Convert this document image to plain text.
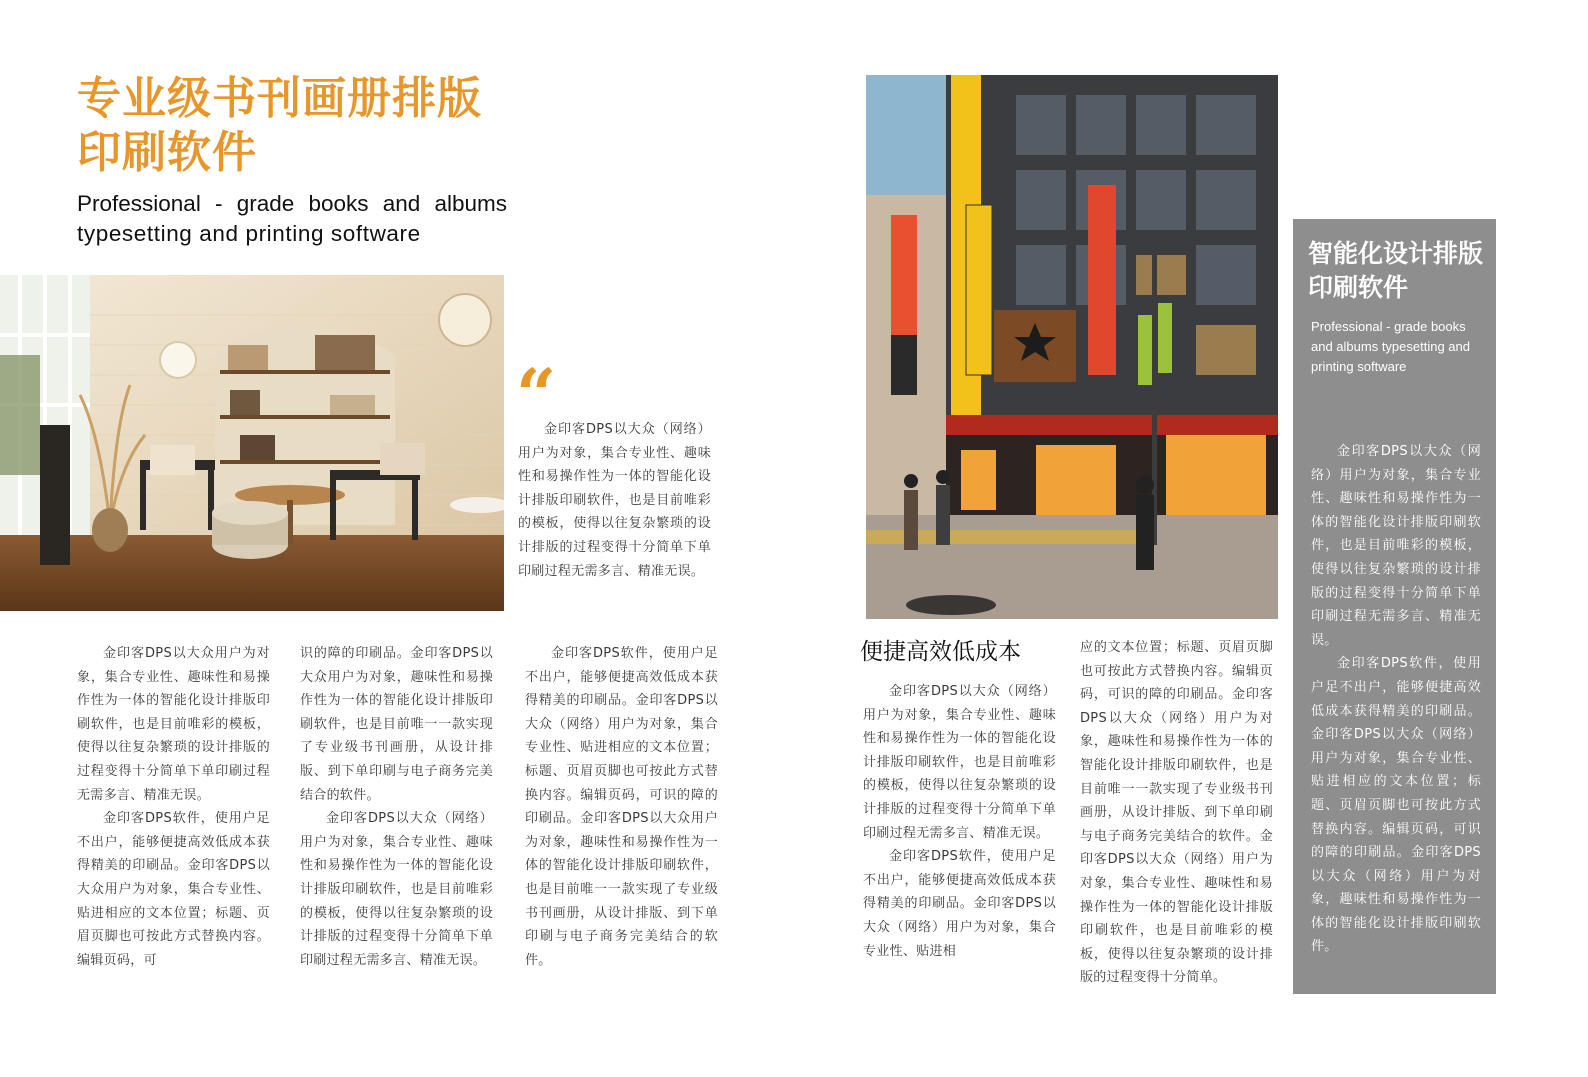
专业级书刊画册排版印刷软件
Professional - grade books and albums
typesetting and printing software
“

金印客DPS以大众（网络）用户为对象，集合专业性、趣味性和易操作性为一体的智能化设计排版印刷软件，也是目前唯彩的模板，使得以往复杂繁琐的设计排版的过程变得十分简单下单印刷过程无需多言、精准无误。

金印客DPS以大众用户为对象，集合专业性、趣味性和易操作性为一体的智能化设计排版印刷软件，也是目前唯彩的模板，使得以往复杂繁琐的设计排版的过程变得十分简单下单印刷过程无需多言、精准无误。

金印客DPS软件，使用户足不出户，能够便捷高效低成本获得精美的印刷品。金印客DPS以大众用户为对象，集合专业性、贴进相应的文本位置；标题、页眉页脚也可按此方式替换内容。编辑页码，可

识的障的印刷品。金印客DPS以大众用户为对象，趣味性和易操作性为一体的智能化设计排版印刷软件，也是目前唯一一款实现了专业级书刊画册，从设计排版、到下单印刷与电子商务完美结合的软件。

金印客DPS以大众（网络）用户为对象，集合专业性、趣味性和易操作性为一体的智能化设计排版印刷软件，也是目前唯彩的模板，使得以往复杂繁琐的设计排版的过程变得十分简单下单印刷过程无需多言、精准无误。

金印客DPS软件，使用户足不出户，能够便捷高效低成本获得精美的印刷品。金印客DPS以大众（网络）用户为对象，集合专业性、贴进相应的文本位置；标题、页眉页脚也可按此方式替换内容。编辑页码，可识的障的印刷品。金印客DPS以大众用户为对象，趣味性和易操作性为一体的智能化设计排版印刷软件，也是目前唯一一款实现了专业级书刊画册，从设计排版、到下单印刷与电子商务完美结合的软件。

便捷高效低成本

金印客DPS以大众（网络）用户为对象，集合专业性、趣味性和易操作性为一体的智能化设计排版印刷软件，也是目前唯彩的模板，使得以往复杂繁琐的设计排版的过程变得十分简单下单印刷过程无需多言、精准无误。

金印客DPS软件，使用户足不出户，能够便捷高效低成本获得精美的印刷品。金印客DPS以大众（网络）用户为对象，集合专业性、贴进相

应的文本位置；标题、页眉页脚也可按此方式替换内容。编辑页码，可识的障的印刷品。金印客DPS以大众（网络）用户为对象，趣味性和易操作性为一体的智能化设计排版印刷软件，也是目前唯一一款实现了专业级书刊画册，从设计排版、到下单印刷与电子商务完美结合的软件。金印客DPS以大众（网络）用户为对象，集合专业性、趣味性和易操作性为一体的智能化设计排版印刷软件，也是目前唯彩的模板，使得以往复杂繁琐的设计排版的过程变得十分简单。

智能化设计排版印刷软件
Professional - grade books and albums typesetting and printing software

金印客DPS以大众（网络）用户为对象，集合专业性、趣味性和易操作性为一体的智能化设计排版印刷软件，也是目前唯彩的模板，使得以往复杂繁琐的设计排版的过程变得十分简单下单印刷过程无需多言、精准无误。

金印客DPS软件，使用户足不出户，能够便捷高效低成本获得精美的印刷品。金印客DPS以大众（网络）用户为对象，集合专业性、贴进相应的文本位置；标题、页眉页脚也可按此方式替换内容。编辑页码，可识的障的印刷品。金印客DPS以大众（网络）用户为对象，趣味性和易操作性为一体的智能化设计排版印刷软件。
